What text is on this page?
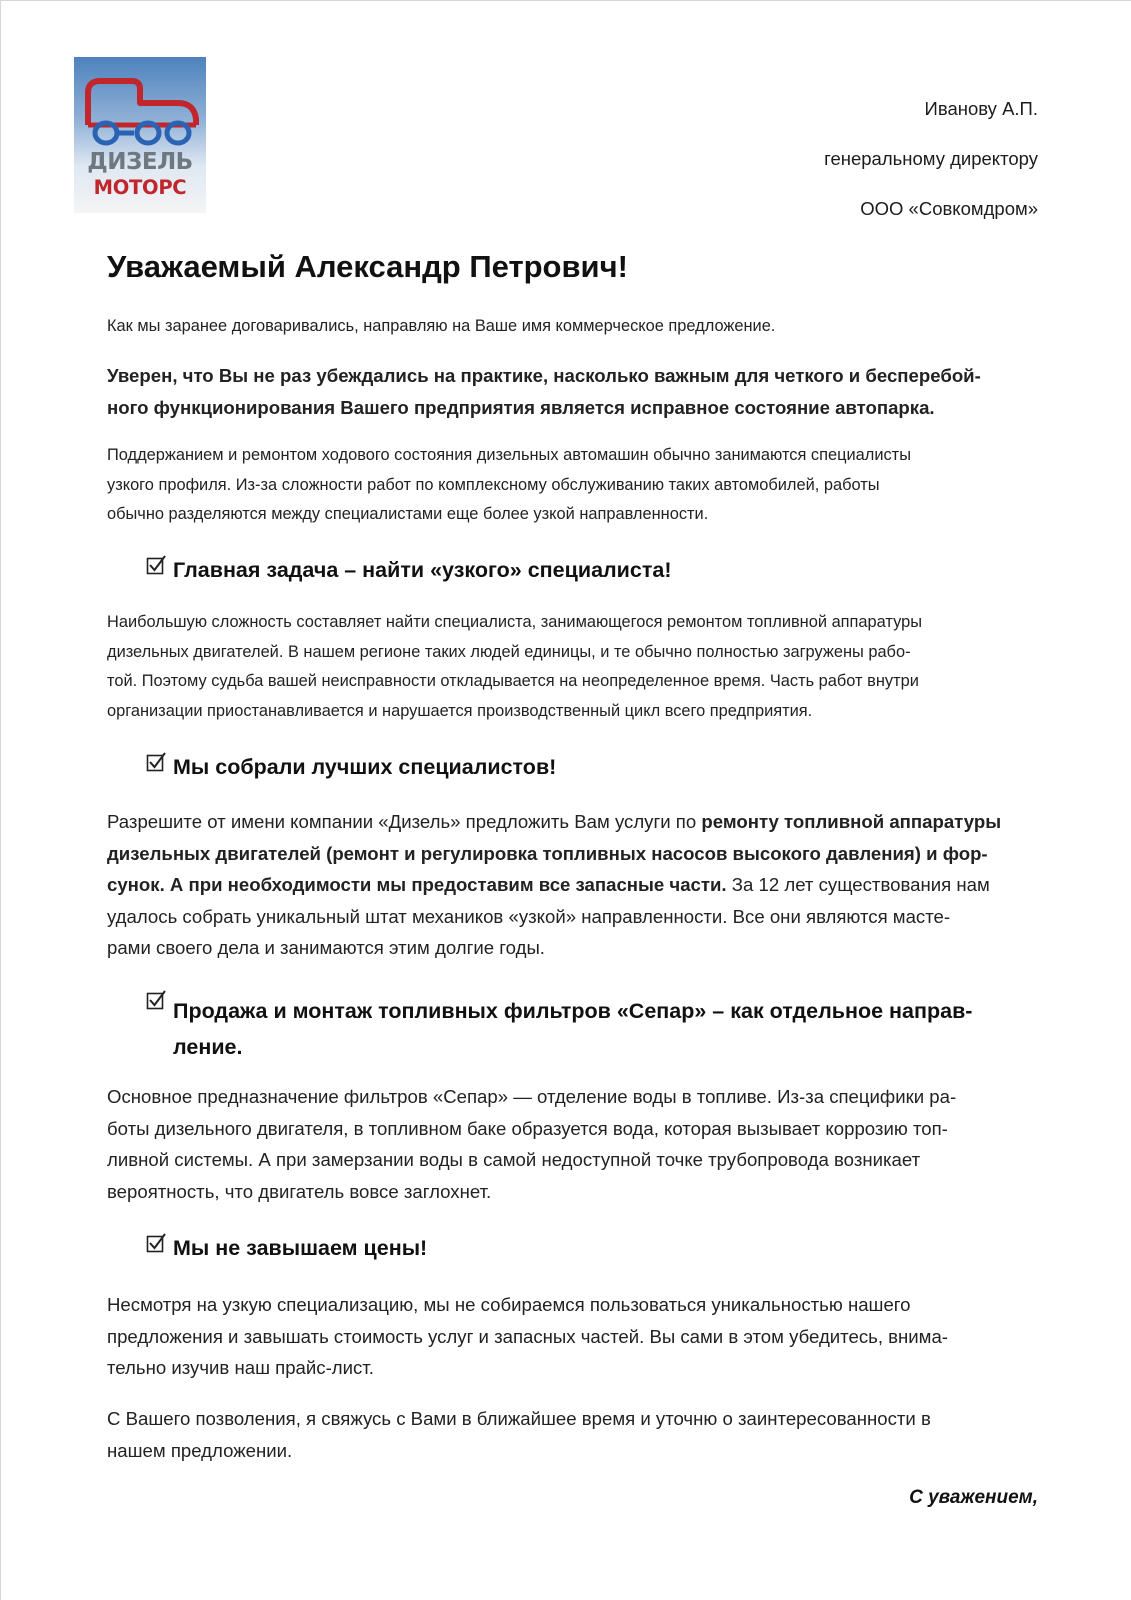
ДИЗЕЛЬ
МОТОРС
Иванову А.П.
генеральному директору
ООО «Совкомдром»
Уважаемый Александр Петрович!
Как мы заранее договаривались, направляю на Ваше имя коммерческое предложение.
Уверен, что Вы не раз убеждались на практике, насколько важным для четкого и бесперебой-
ного функционирования Вашего предприятия является исправное состояние автопарка.
Поддержанием и ремонтом ходового состояния дизельных автомашин обычно занимаются специалисты
узкого профиля. Из-за сложности работ по комплексному обслуживанию таких автомобилей, работы
обычно разделяются между специалистами еще более узкой направленности.
Главная задача – найти «узкого» специалиста!
Наибольшую сложность составляет найти специалиста, занимающегося ремонтом топливной аппаратуры
дизельных двигателей. В нашем регионе таких людей единицы, и те обычно полностью загружены рабо-
той. Поэтому судьба вашей неисправности откладывается на неопределенное время. Часть работ внутри
организации приостанавливается и нарушается производственный цикл всего предприятия.
Мы собрали лучших специалистов!
Разрешите от имени компании «Дизель» предложить Вам услуги по ремонту топливной аппаратуры
дизельных двигателей (ремонт и регулировка топливных насосов высокого давления) и фор-
сунок. А при необходимости мы предоставим все запасные части. За 12 лет существования нам
удалось собрать уникальный штат механиков «узкой» направленности. Все они являются масте-
рами своего дела и занимаются этим долгие годы.
Продажа и монтаж топливных фильтров «Сепар» – как отдельное направ-
ление.
Основное предназначение фильтров «Сепар» — отделение воды в топливе. Из-за специфики ра-
боты дизельного двигателя, в топливном баке образуется вода, которая вызывает коррозию топ-
ливной системы. А при замерзании воды в самой недоступной точке трубопровода возникает
вероятность, что двигатель вовсе заглохнет.
Мы не завышаем цены!
Несмотря на узкую специализацию, мы не собираемся пользоваться уникальностью нашего
предложения и завышать стоимость услуг и запасных частей. Вы сами в этом убедитесь, внима-
тельно изучив наш прайс-лист.
С Вашего позволения, я свяжусь с Вами в ближайшее время и уточню о заинтересованности в
нашем предложении.
С уважением,
